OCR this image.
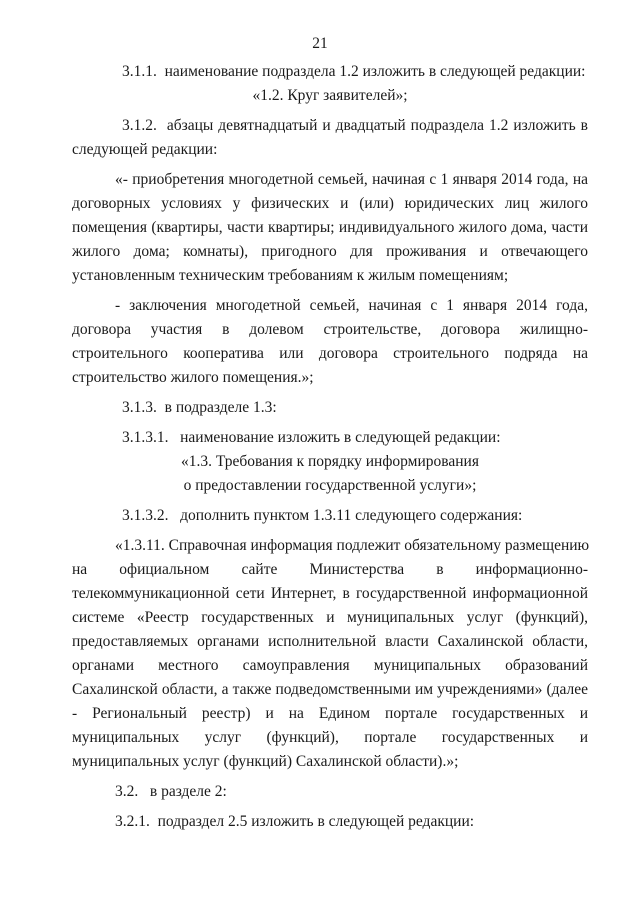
21
3.1.1.  наименование подраздела 1.2 изложить в следующей редакции:
«1.2. Круг заявителей»;
3.1.2.  абзацы девятнадцатый и двадцатый подраздела 1.2 изложить в
следующей редакции:
«- приобретения многодетной семьей, начиная с 1 января 2014 года, на
договорных условиях у физических и (или) юридических лиц жилого
помещения (квартиры, части квартиры; индивидуального жилого дома, части
жилого дома; комнаты), пригодного для проживания и отвечающего
установленным техническим требованиям к жилым помещениям;
- заключения многодетной семьей, начиная с 1 января 2014 года,
договора участия в долевом строительстве, договора жилищно-
строительного кооператива или договора строительного подряда на
строительство жилого помещения.»;
3.1.3.  в подразделе 1.3:
3.1.3.1.   наименование изложить в следующей редакции:
«1.3. Требования к порядку информирования
о предоставлении государственной услуги»;
3.1.3.2.   дополнить пунктом 1.3.11 следующего содержания:
«1.3.11. Справочная информация подлежит обязательному размещению
на официальном сайте Министерства в информационно-
телекоммуникационной сети Интернет, в государственной информационной
системе «Реестр государственных и муниципальных услуг (функций),
предоставляемых органами исполнительной власти Сахалинской области,
органами местного самоуправления муниципальных образований
Сахалинской области, а также подведомственными им учреждениями» (далее
- Региональный реестр) и на Едином портале государственных и
муниципальных услуг (функций), портале государственных и
муниципальных услуг (функций) Сахалинской области).»;
3.2.   в разделе 2:
3.2.1.  подраздел 2.5 изложить в следующей редакции:
